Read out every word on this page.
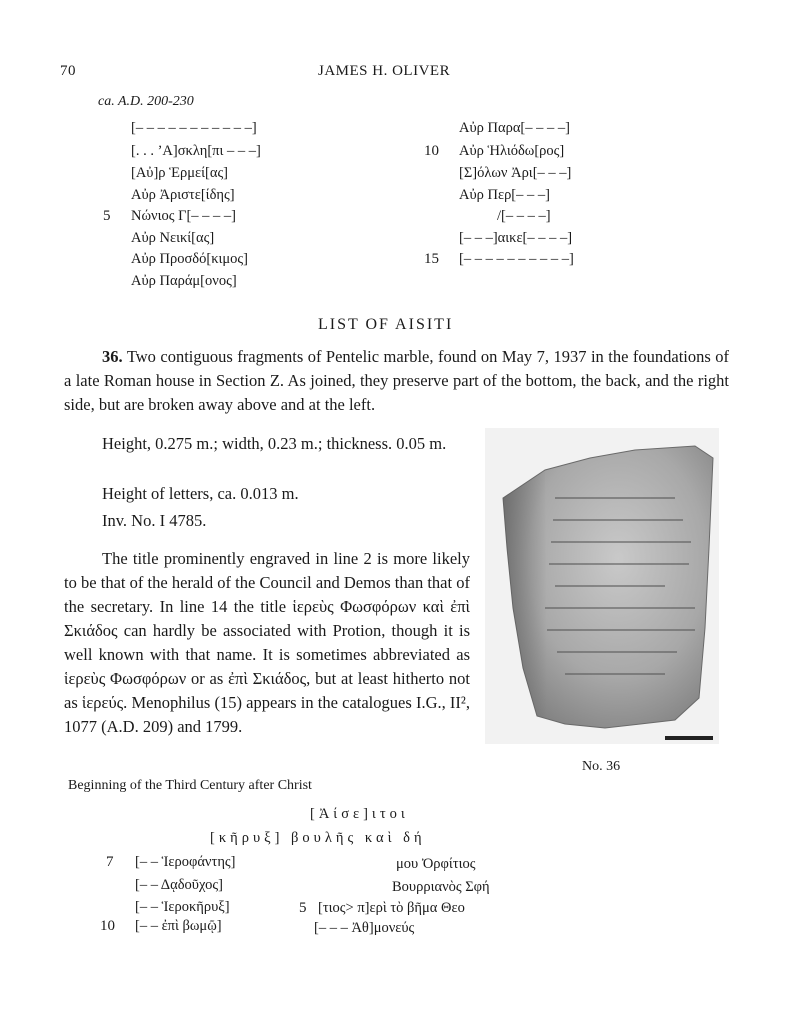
70	JAMES H. OLIVER
ca. A.D. 200-230
[– – – – – – – – – – –]
[. . . ’Α]σκλη[πι – – –]
[Αὐ]ρ Ἑρμεί[ας]
Αὐρ Ἀριστε[ίδης]
5 Νώνιος Γ[– – – –]
Αὐρ Νεικί[ας]
Αὐρ Προσδό[κιμος]
Αὐρ Παράμ[ονος]
Αὐρ Παρα[– – – –]
10 Αὐρ Ἡλιόδω[ρος]
[Σ]όλων Ἀρι[– – –]
Αὐρ Περ[– – –]
/[– – – –]
[– – –]αικε[– – – –]
15 [– – – – – – – – – –]
LIST OF AISITI
36. Two contiguous fragments of Pentelic marble, found on May 7, 1937 in the foundations of a late Roman house in Section Z. As joined, they preserve part of the bottom, the back, and the right side, but are broken away above and at the left.
Height, 0.275 m.; width, 0.23 m.; thickness. 0.05 m.
Height of letters, ca. 0.013 m.
Inv. No. I 4785.
The title prominently engraved in line 2 is more likely to be that of the herald of the Council and Demos than that of the secretary. In line 14 the title ἱερεὺς Φωσφόρων καὶ ἐπὶ Σκιάδος can hardly be associated with Protion, though it is well known with that name. It is sometimes abbreviated as ἱερεὺς Φωσφόρων or as ἐπὶ Σκιάδος, but at least hitherto not as ἱερεύς. Menophilus (15) appears in the catalogues I.G., II², 1077 (A.D. 209) and 1799.
No. 36
Beginning of the Third Century after Christ
[Ἀίσε]ιτοι
[κῆρυξ] βουλῆς καὶ δή
7 [– – Ἱεροφάντης]
[– – Δᾳδοῦχος]
[– – Ἱεροκῆρυξ]
10 [– – ἐπὶ βωμῷ]
μου Ὀρφίτιος
Βουρριανὸς Σφή
5 [τιος> π]ερὶ τὸ βῆμα Θεο
[– – – Ἀθ]μονεύς
